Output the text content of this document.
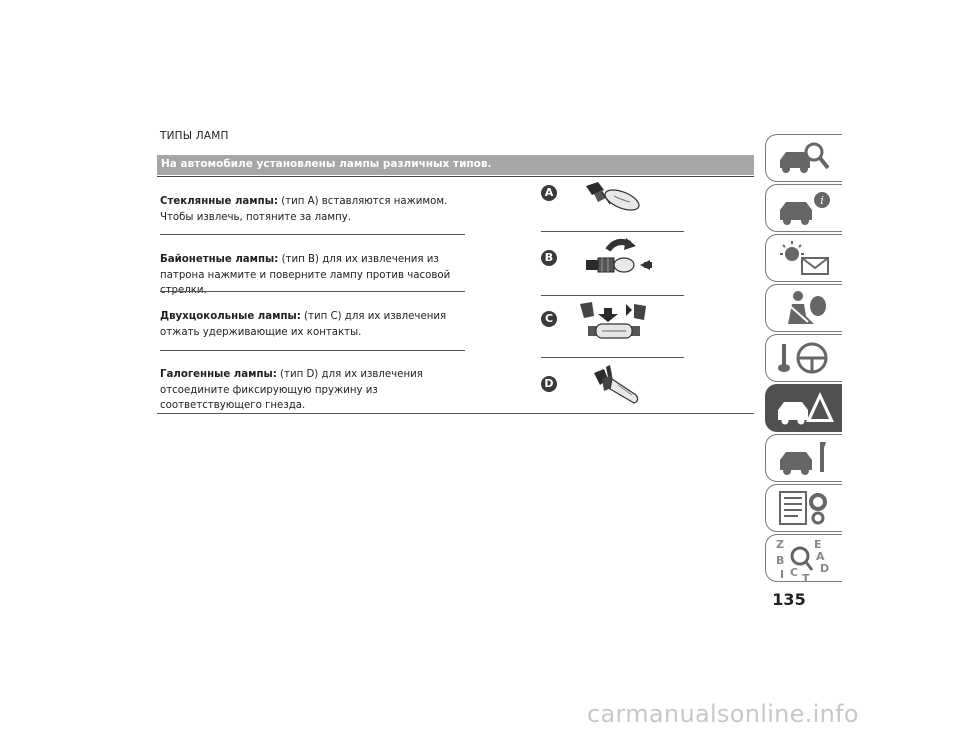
ТИПЫ ЛАМП
На автомобиле установлены лампы различных типов.
Стеклянные лампы: (тип A) вставляются нажимом. Чтобы извлечь, потяните за лампу.
Байонетные лампы: (тип B) для их извлечения из патрона нажмите и поверните лампу против часовой
Двухцокольные лампы: (тип C) для их извлечения отжать удерживающие их контакты.
Галогенные лампы: (тип D) для их извлечения отсоедините фиксирующую пружину из соответствующего гнезда.
A
B
C
D
i
Z	E
B	A
C D
I T
135
carmanualsonline.info
